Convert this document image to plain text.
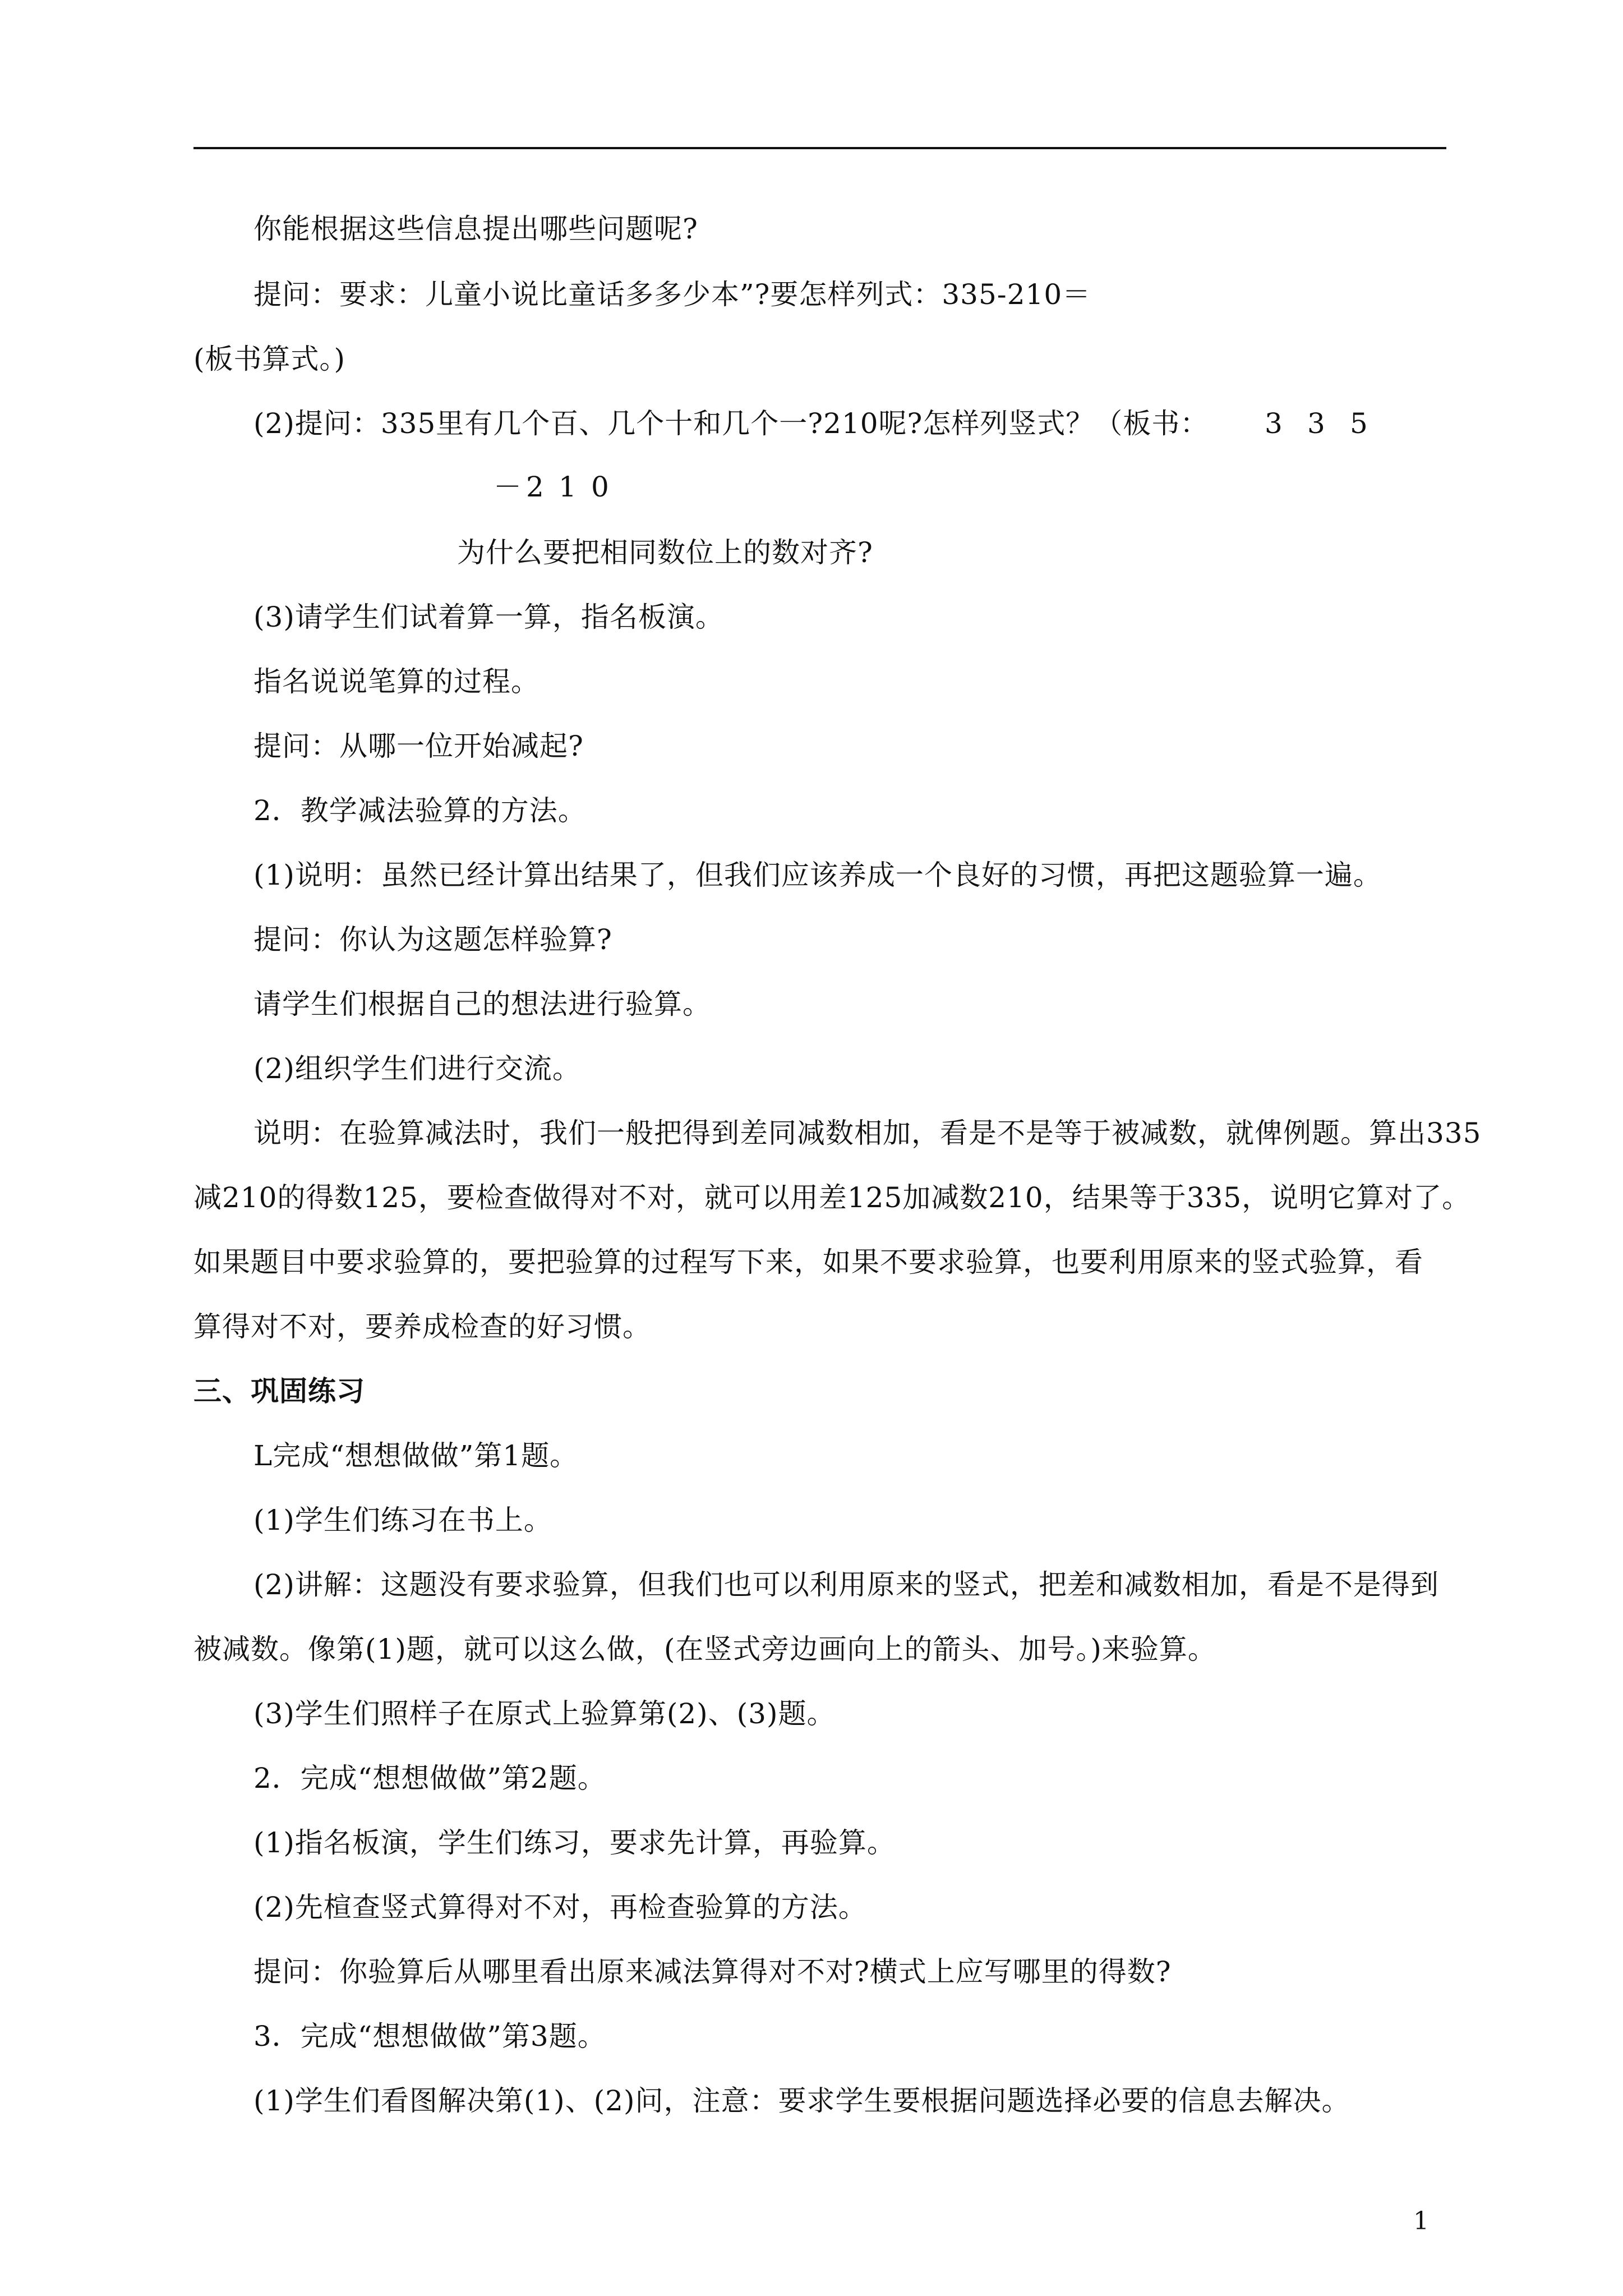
你能根据这些信息提出哪些问题呢?
提问：要求：儿童小说比童话多多少本”?要怎样列式：335-210＝
(板书算式。)
(2)提问：335里有几个百、几个十和几个一?210呢?怎样列竖式？（板书： 3 3 5
－ 2 1 0
为什么要把相同数位上的数对齐?
(3)请学生们试着算一算，指名板演。
指名说说笔算的过程。
提问：从哪一位开始减起?
2．教学减法验算的方法。
(1)说明：虽然已经计算出结果了，但我们应该养成一个良好的习惯，再把这题验算一遍。
提问：你认为这题怎样验算?
请学生们根据自己的想法进行验算。
(2)组织学生们进行交流。
说明：在验算减法时，我们一般把得到差同减数相加，看是不是等于被减数，就俾例题。算出335
减210的得数125，要检查做得对不对，就可以用差125加减数210，结果等于335，说明它算对了。
如果题目中要求验算的，要把验算的过程写下来，如果不要求验算，也要利用原来的竖式验算，看
算得对不对，要养成检查的好习惯。
三、巩固练习
L完成“想想做做”第1题。
(1)学生们练习在书上。
(2)讲解：这题没有要求验算，但我们也可以利用原来的竖式，把差和减数相加，看是不是得到
被减数。像第(1)题，就可以这么做，(在竖式旁边画向上的箭头、加号。)来验算。
(3)学生们照样子在原式上验算第(2)、(3)题。
2．完成“想想做做”第2题。
(1)指名板演，学生们练习，要求先计算，再验算。
(2)先楦查竖式算得对不对，再检查验算的方法。
提问：你验算后从哪里看出原来减法算得对不对?横式上应写哪里的得数?
3．完成“想想做做”第3题。
(1)学生们看图解决第(1)、(2)问，注意：要求学生要根据问题选择必要的信息去解决。
1
